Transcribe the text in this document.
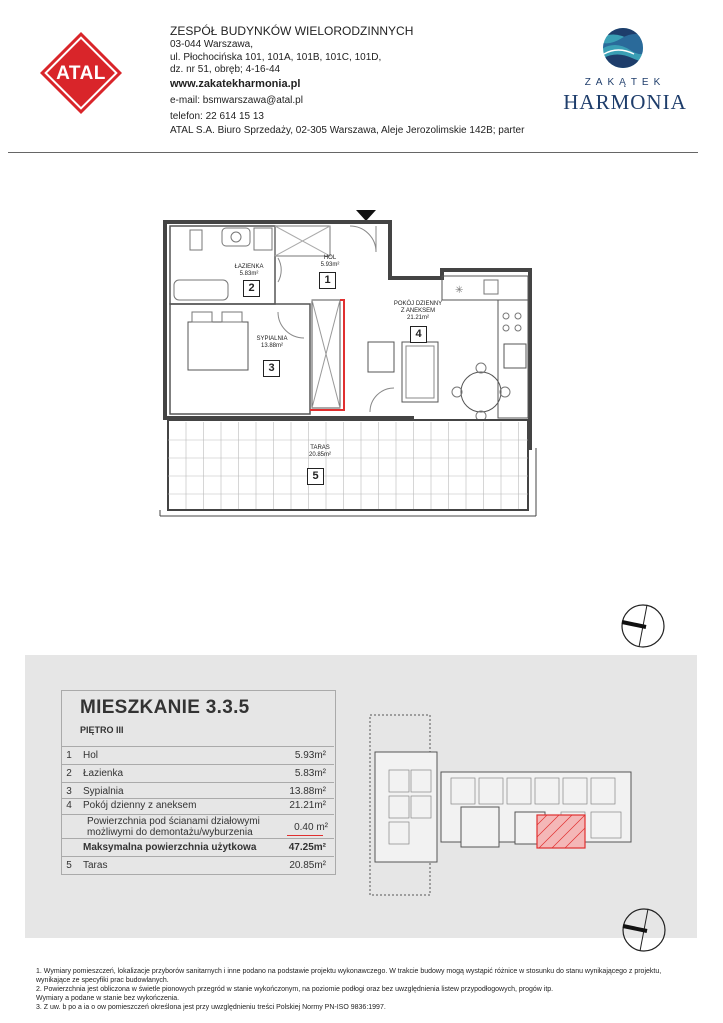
ATAL
ZESPÓŁ BUDYNKÓW WIELORODZINNYCH
03-044 Warszawa,
ul. Płochocińska 101, 101A, 101B, 101C, 101D,
dz. nr 51, obręb; 4-16-44
www.zakatekharmonia.pl
e-mail: bsmwarszawa@atal.pl
telefon: 22 614 15 13
ATAL S.A. Biuro Sprzedaży, 02-305 Warszawa, Aleje Jerozolimskie 142B; parter
ZAKĄTEK
HARMONIA
✳
HOL
5.93m²
1
ŁAZIENKA
5.83m²
2
SYPIALNIA
13.88m²
3

POKÓJ DZIENNY
Z ANEKSEM
21.21m²

4
TARAS
20.85m²
5
MIESZKANIE 3.3.5
PIĘTRO III
1	Hol	5.93m²
2	Łazienka	5.83m²
3	Sypialnia	13.88m²
4	Pokój dzienny z aneksem	21.21m²
Powierzchnia pod ścianami działowymi
możliwymi do demontażu/wyburzenia	0.40 m²
Maksymalna powierzchnia użytkowa	47.25m²
5	Taras	20.85m²
1. Wymiary pomieszczeń, lokalizacje przyborów sanitarnych i inne podano na podstawie projektu wykonawczego. W trakcie budowy mogą wystąpić różnice w stosunku do stanu wynikającego z projektu,
wynikające ze specyfiki prac budowlanych.
2. Powierzchnia jest obliczona w świetle pionowych przegród w stanie wykończonym, na poziomie podłogi oraz bez uwzględnienia listew przypodłogowych, progów itp.
Wymiary a podane w stanie bez wykończenia.
3. Z uw. b po a ia o ow pomieszczeń określona jest przy uwzględnieniu treści Polskiej Normy PN-ISO 9836:1997.
